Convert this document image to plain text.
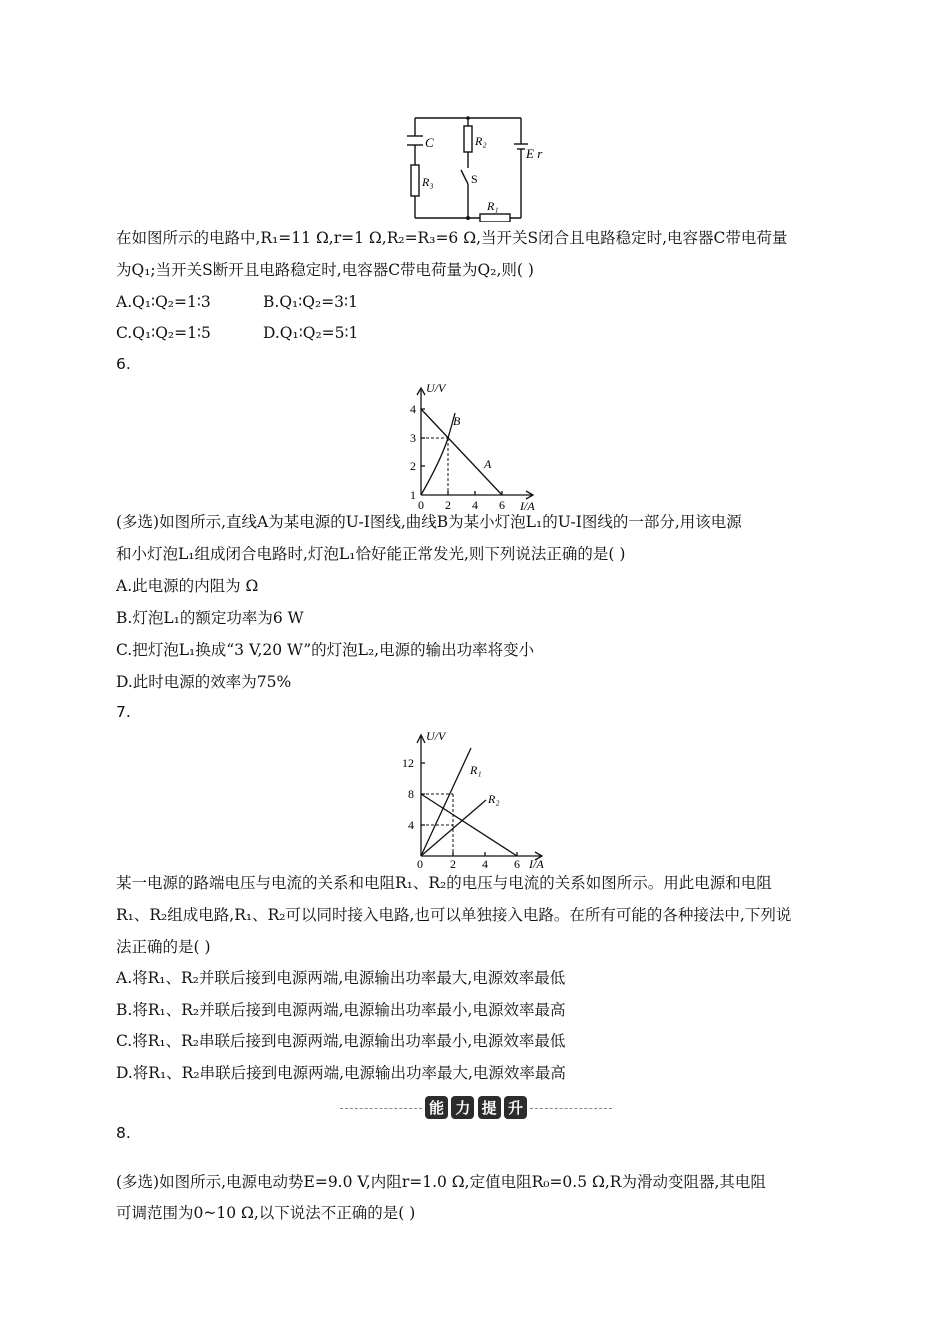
C
R₃
R₂
S
E r
R₁
在如图所示的电路中,R₁=11 Ω,r=1 Ω,R₂=R₃=6 Ω,当开关S闭合且电路稳定时,电容器C带电荷量
为Q₁;当开关S断开且电路稳定时,电容器C带电荷量为Q₂,则( )
A.Q₁∶Q₂=1∶3	B.Q₁∶Q₂=3∶1
C.Q₁∶Q₂=1∶5	D.Q₁∶Q₂=5∶1
6.
U/V
I/A
4
3
2
1
0 2 4 6
A
B
(多选)如图所示,直线A为某电源的U-I图线,曲线B为某小灯泡L₁的U-I图线的一部分,用该电源
和小灯泡L₁组成闭合电路时,灯泡L₁恰好能正常发光,则下列说法正确的是( )
A.此电源的内阻为 Ω
B.灯泡L₁的额定功率为6 W
C.把灯泡L₁换成“3 V,20 W”的灯泡L₂,电源的输出功率将变小
D.此时电源的效率为75%
7.
U/V
I/A
12
8
4
0 2 4 6
R₁
R₂
某一电源的路端电压与电流的关系和电阻R₁、R₂的电压与电流的关系如图所示。用此电源和电阻
R₁、R₂组成电路,R₁、R₂可以同时接入电路,也可以单独接入电路。在所有可能的各种接法中,下列说
法正确的是( )
A.将R₁、R₂并联后接到电源两端,电源输出功率最大,电源效率最低
B.将R₁、R₂并联后接到电源两端,电源输出功率最小,电源效率最高
C.将R₁、R₂串联后接到电源两端,电源输出功率最小,电源效率最低
D.将R₁、R₂串联后接到电源两端,电源输出功率最大,电源效率最高
能 力 提 升
8.
(多选)如图所示,电源电动势E=9.0 V,内阻r=1.0 Ω,定值电阻R₀=0.5 Ω,R为滑动变阻器,其电阻
可调范围为0~10 Ω,以下说法不正确的是( )
